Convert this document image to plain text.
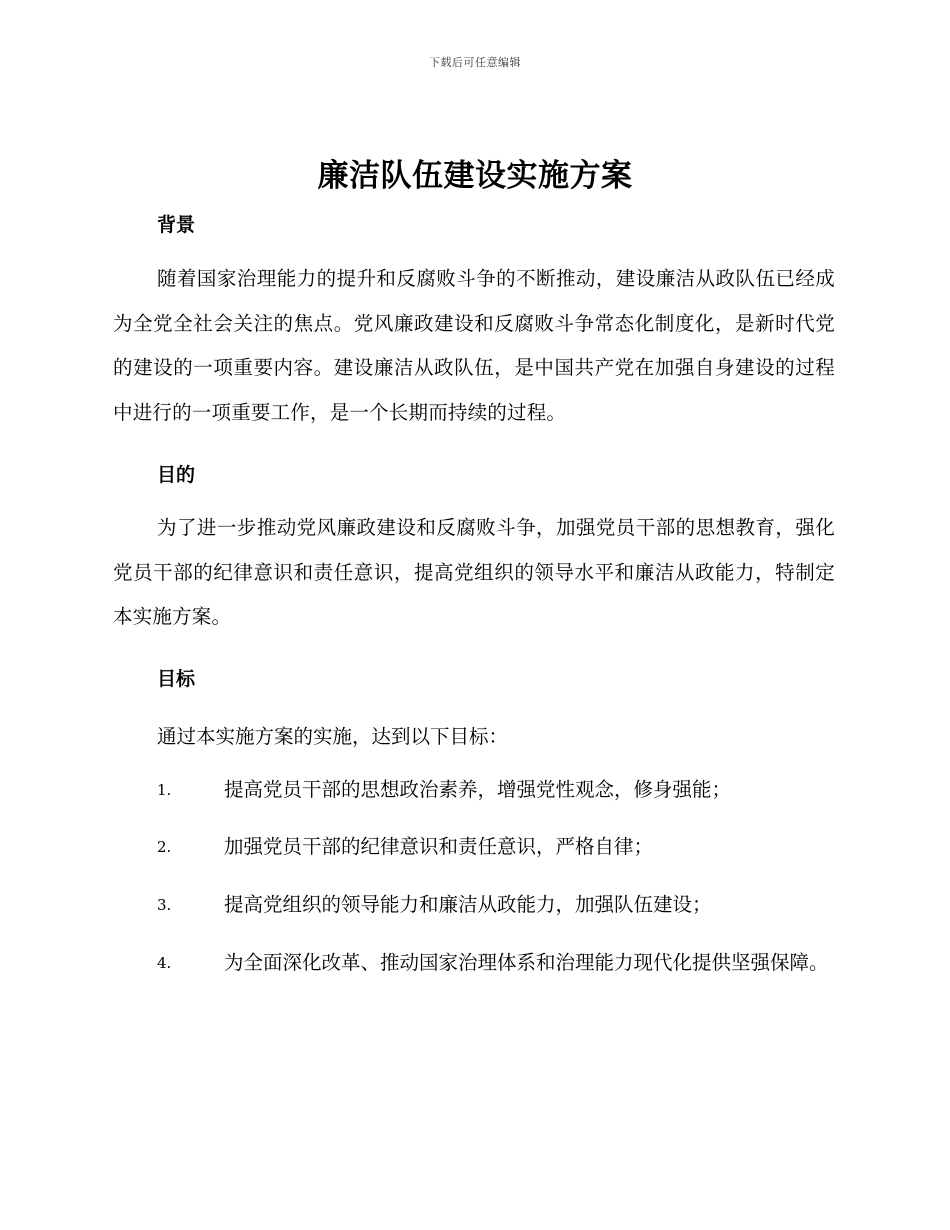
下载后可任意编辑
廉洁队伍建设实施方案
背景
随着国家治理能力的提升和反腐败斗争的不断推动，建设廉洁从政队伍已经成为全党全社会关注的焦点。党风廉政建设和反腐败斗争常态化制度化，是新时代党的建设的一项重要内容。建设廉洁从政队伍，是中国共产党在加强自身建设的过程中进行的一项重要工作，是一个长期而持续的过程。
目的
为了进一步推动党风廉政建设和反腐败斗争，加强党员干部的思想教育，强化党员干部的纪律意识和责任意识，提高党组织的领导水平和廉洁从政能力，特制定本实施方案。
目标
通过本实施方案的实施，达到以下目标：
1.	提高党员干部的思想政治素养，增强党性观念，修身强能；
2.	加强党员干部的纪律意识和责任意识，严格自律；
3.	提高党组织的领导能力和廉洁从政能力，加强队伍建设；
4.	为全面深化改革、推动国家治理体系和治理能力现代化提供坚强保障。
